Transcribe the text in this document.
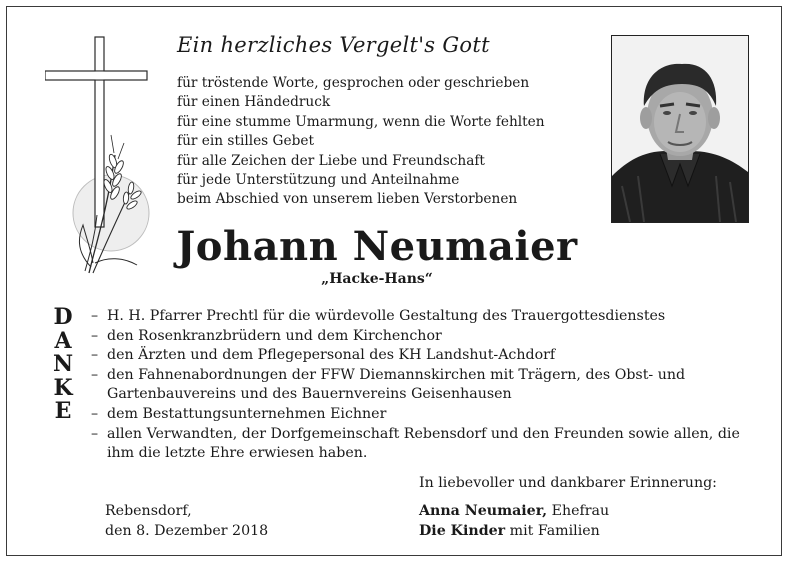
Ein herzliches Vergelt's Gott
für tröstende Worte, gesprochen oder geschrieben
für einen Händedruck
für eine stumme Umarmung, wenn die Worte fehlten
für ein stilles Gebet
für alle Zeichen der Liebe und Freundschaft
für jede Unterstützung und Anteilnahme
beim Abschied von unserem lieben Verstorbenen
Johann Neumaier
„Hacke-Hans“
D
A
N
K
E
– H. H. Pfarrer Prechtl für die würdevolle Gestaltung des Trauergottesdienstes
– den Rosenkranzbrüdern und dem Kirchenchor
– den Ärzten und dem Pflegepersonal des KH Landshut-Achdorf
– den Fahnenabordnungen der FFW Diemannskirchen mit Trägern, des Obst- und Gartenbauvereins und des Bauernvereins Geisenhausen
– dem Bestattungsunternehmen Eichner
– allen Verwandten, der Dorfgemeinschaft Rebensdorf und den Freunden sowie allen, die ihm die letzte Ehre erwiesen haben.
In liebevoller und dankbarer Erinnerung:
Rebensdorf,
den 8. Dezember 2018
Anna Neumaier, Ehefrau
Die Kinder mit Familien
